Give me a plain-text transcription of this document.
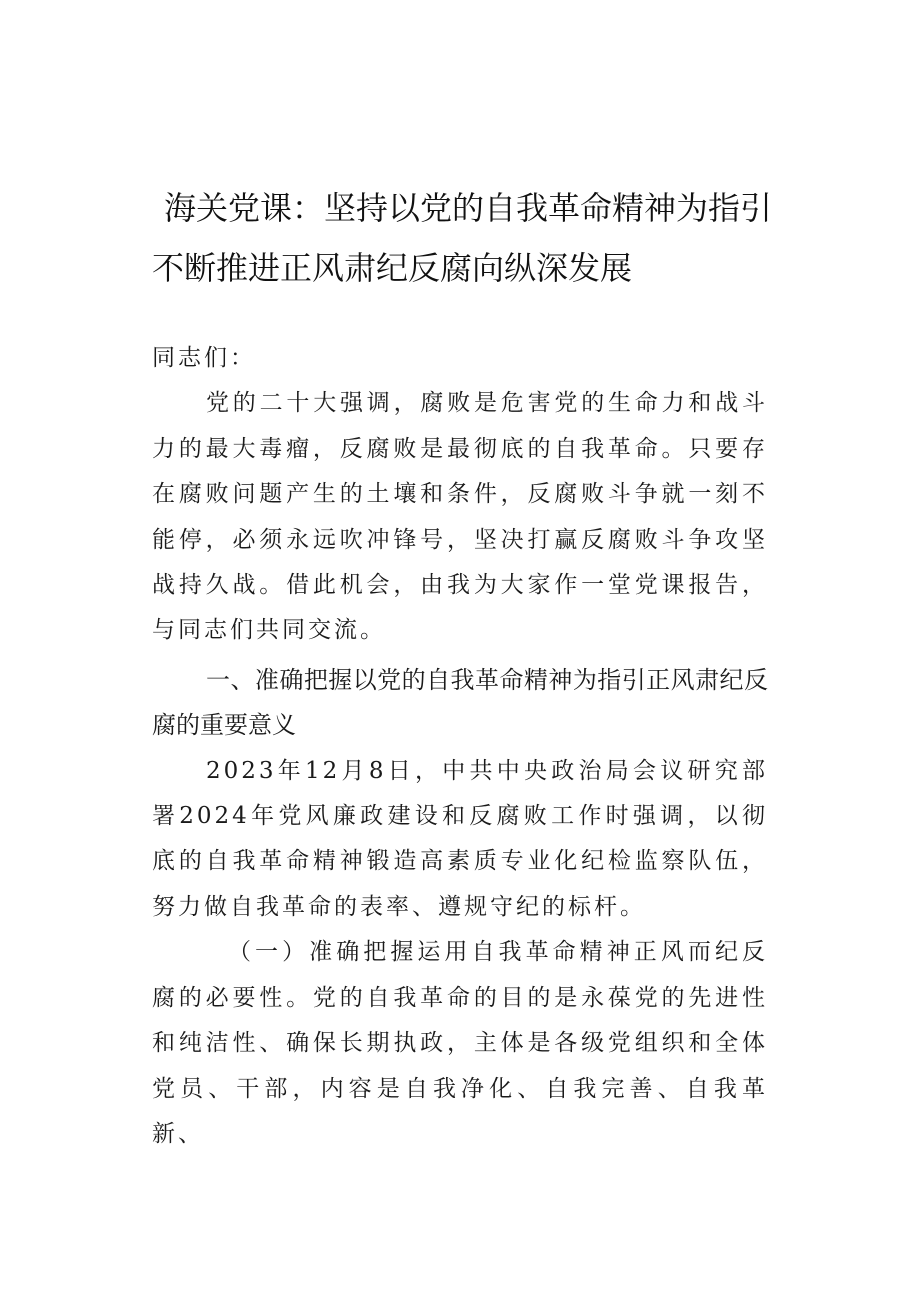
海关党课：坚持以党的自我革命精神为指引
不断推进正风肃纪反腐向纵深发展

同志们：

党的二十大强调，腐败是危害党的生命力和战斗力的最大毒瘤，反腐败是最彻底的自我革命。只要存在腐败问题产生的土壤和条件，反腐败斗争就一刻不能停，必须永远吹冲锋号，坚决打赢反腐败斗争攻坚战持久战。借此机会，由我为大家作一堂党课报告，与同志们共同交流。

一、准确把握以党的自我革命精神为指引正风肃纪反腐的重要意义

2023年12月8日，中共中央政治局会议研究部署2024年党风廉政建设和反腐败工作时强调，以彻底的自我革命精神锻造高素质专业化纪检监察队伍，努力做自我革命的表率、遵规守纪的标杆。

（一）准确把握运用自我革命精神正风而纪反腐的必要性。党的自我革命的目的是永葆党的先进性和纯洁性、确保长期执政，主体是各级党组织和全体党员、干部，内容是自我净化、自我完善、自我革新、
